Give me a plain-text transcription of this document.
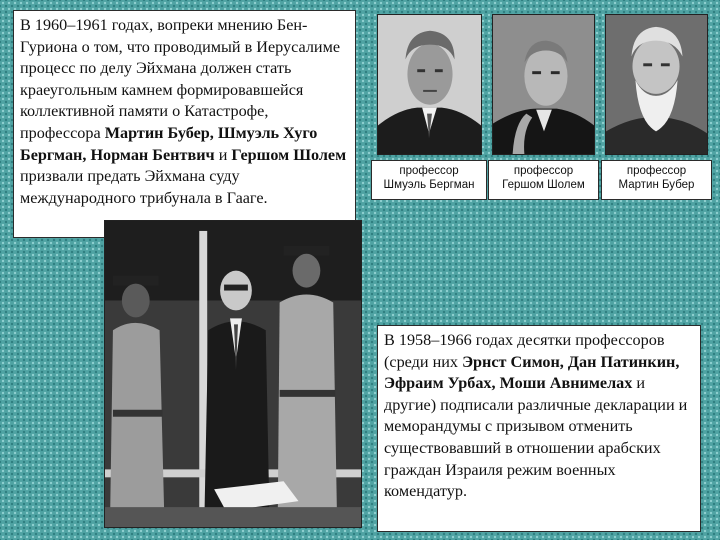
В 1960–1961 годах, вопреки мнению Бен-Гуриона о том, что проводимый в Иерусалиме процесс по делу Эйхмана должен стать краеугольным камнем формировавшейся коллективной памяти о Катастрофе, профессора Мартин Бубер, Шмуэль Хуго Бергман, Норман Бентвич и Гершом Шолем призвали предать Эйхмана суду международного трибунала в Гааге.

профессор
Шмуэль Бергман
профессор
Гершом Шолем
профессор
Мартин Бубер

В 1958–1966 годах десятки профессоров (среди них Эрнст Симон, Дан Патинкин, Эфраим Урбах, Моши Авнимелах и другие) подписали различные декларации и меморандумы с призывом отменить существовавший в отношении арабских граждан Израиля режим военных комендатур.
